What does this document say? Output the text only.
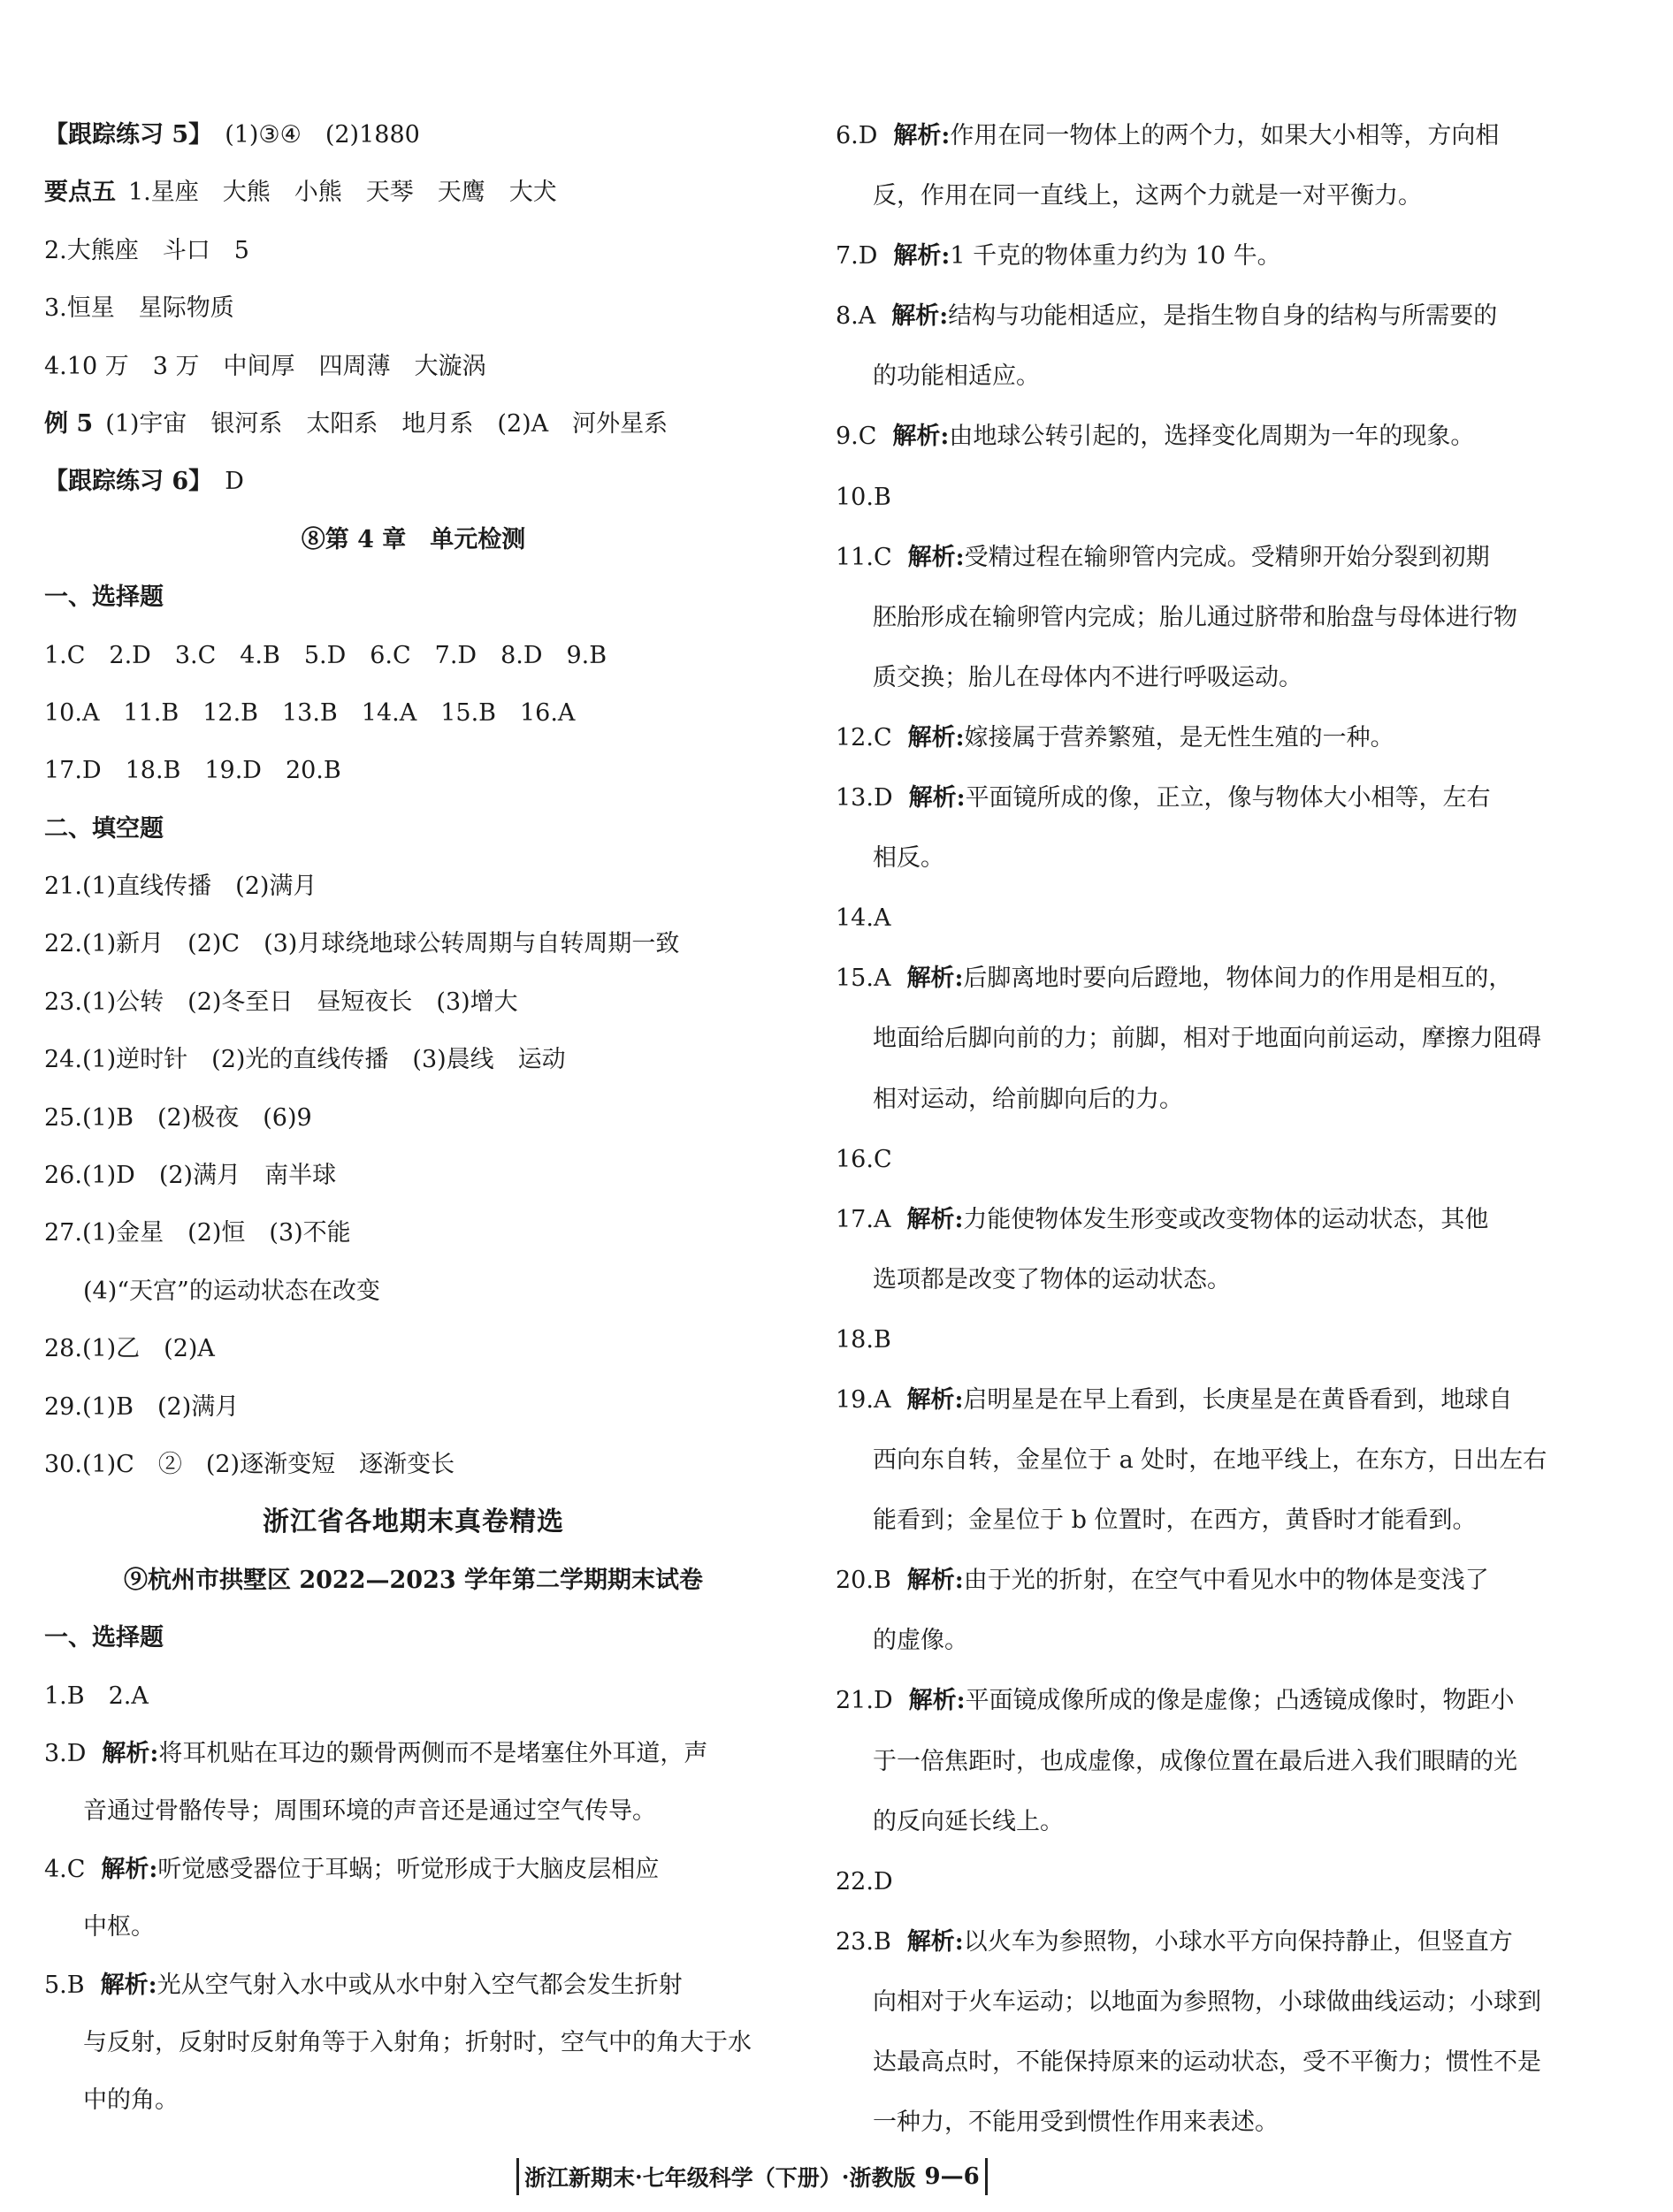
【跟踪练习 5】 (1)③④　(2)1880
要点五 1.星座　大熊　小熊　天琴　天鹰　大犬
2.大熊座　斗口　5
3.恒星　星际物质
4.10 万　3 万　中间厚　四周薄　大漩涡
例 5 (1)宇宙　银河系　太阳系　地月系　(2)A　河外星系
【跟踪练习 6】 D
⑧第 4 章　单元检测
一、选择题
1.C　2.D　3.C　4.B　5.D　6.C　7.D　8.D　9.B
10.A　11.B　12.B　13.B　14.A　15.B　16.A
17.D　18.B　19.D　20.B
二、填空题
21.(1)直线传播　(2)满月
22.(1)新月　(2)C　(3)月球绕地球公转周期与自转周期一致
23.(1)公转　(2)冬至日　昼短夜长　(3)增大
24.(1)逆时针　(2)光的直线传播　(3)晨线　运动
25.(1)B　(2)极夜　(6)9
26.(1)D　(2)满月　南半球
27.(1)金星　(2)恒　(3)不能
(4)“天宫”的运动状态在改变
28.(1)乙　(2)A
29.(1)B　(2)满月
30.(1)C　②　(2)逐渐变短　逐渐变长
浙江省各地期末真卷精选
⑨杭州市拱墅区 2022—2023 学年第二学期期末试卷
一、选择题
1.B　2.A
3.D 解析:将耳机贴在耳边的颞骨两侧而不是堵塞住外耳道，声
音通过骨骼传导；周围环境的声音还是通过空气传导。
4.C 解析:听觉感受器位于耳蜗；听觉形成于大脑皮层相应
中枢。
5.B 解析:光从空气射入水中或从水中射入空气都会发生折射
与反射，反射时反射角等于入射角；折射时，空气中的角大于水
中的角。
6.D 解析:作用在同一物体上的两个力，如果大小相等，方向相
反，作用在同一直线上，这两个力就是一对平衡力。
7.D 解析:1 千克的物体重力约为 10 牛。
8.A 解析:结构与功能相适应，是指生物自身的结构与所需要的
的功能相适应。
9.C 解析:由地球公转引起的，选择变化周期为一年的现象。
10.B
11.C 解析:受精过程在输卵管内完成。受精卵开始分裂到初期
胚胎形成在输卵管内完成；胎儿通过脐带和胎盘与母体进行物
质交换；胎儿在母体内不进行呼吸运动。
12.C 解析:嫁接属于营养繁殖，是无性生殖的一种。
13.D 解析:平面镜所成的像，正立，像与物体大小相等，左右
相反。
14.A
15.A 解析:后脚离地时要向后蹬地，物体间力的作用是相互的，
地面给后脚向前的力；前脚，相对于地面向前运动，摩擦力阻碍
相对运动，给前脚向后的力。
16.C
17.A 解析:力能使物体发生形变或改变物体的运动状态，其他
选项都是改变了物体的运动状态。
18.B
19.A 解析:启明星是在早上看到，长庚星是在黄昏看到，地球自
西向东自转，金星位于 a 处时，在地平线上，在东方，日出左右
能看到；金星位于 b 位置时，在西方，黄昏时才能看到。
20.B 解析:由于光的折射，在空气中看见水中的物体是变浅了
的虚像。
21.D 解析:平面镜成像所成的像是虚像；凸透镜成像时，物距小
于一倍焦距时，也成虚像，成像位置在最后进入我们眼睛的光
的反向延长线上。
22.D
23.B 解析:以火车为参照物，小球水平方向保持静止，但竖直方
向相对于火车运动；以地面为参照物，小球做曲线运动；小球到
达最高点时，不能保持原来的运动状态，受不平衡力；惯性不是
一种力，不能用受到惯性作用来表述。
浙江新期末 · 七年级科学（下册） · 浙教版 9—6
